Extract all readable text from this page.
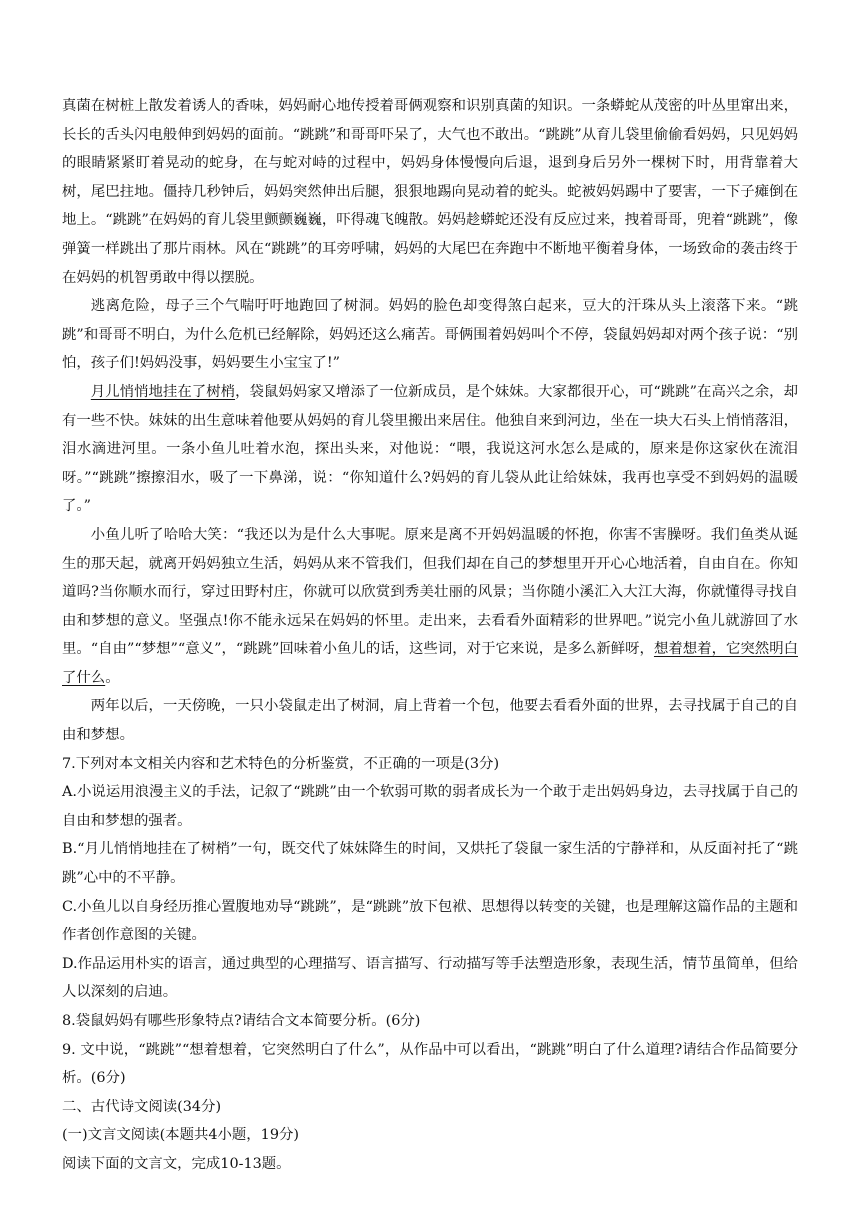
真菌在树桩上散发着诱人的香味，妈妈耐心地传授着哥俩观察和识别真菌的知识。一条蟒蛇从茂密的叶丛里窜出来，长长的舌头闪电般伸到妈妈的面前。“跳跳”和哥哥吓呆了，大气也不敢出。“跳跳”从育儿袋里偷偷看妈妈，只见妈妈的眼睛紧紧盯着晃动的蛇身，在与蛇对峙的过程中，妈妈身体慢慢向后退，退到身后另外一棵树下时，用背靠着大树，尾巴拄地。僵持几秒钟后，妈妈突然伸出后腿，狠狠地踢向晃动着的蛇头。蛇被妈妈踢中了要害，一下子瘫倒在地上。“跳跳”在妈妈的育儿袋里颤颤巍巍，吓得魂飞魄散。妈妈趁蟒蛇还没有反应过来，拽着哥哥，兜着“跳跳”，像弹簧一样跳出了那片雨林。风在“跳跳”的耳旁呼啸，妈妈的大尾巴在奔跑中不断地平衡着身体，一场致命的袭击终于在妈妈的机智勇敢中得以摆脱。

逃离危险，母子三个气喘吁吁地跑回了树洞。妈妈的脸色却变得煞白起来，豆大的汗珠从头上滚落下来。“跳跳”和哥哥不明白，为什么危机已经解除，妈妈还这么痛苦。哥俩围着妈妈叫个不停，袋鼠妈妈却对两个孩子说：“别怕，孩子们!妈妈没事，妈妈要生小宝宝了!”

月儿悄悄地挂在了树梢，袋鼠妈妈家又增添了一位新成员，是个妹妹。大家都很开心，可“跳跳”在高兴之余，却有一些不快。妹妹的出生意味着他要从妈妈的育儿袋里搬出来居住。他独自来到河边，坐在一块大石头上悄悄落泪，泪水滴进河里。一条小鱼儿吐着水泡，探出头来，对他说：“喂，我说这河水怎么是咸的，原来是你这家伙在流泪呀。”“跳跳”擦擦泪水，吸了一下鼻涕，说：“你知道什么?妈妈的育儿袋从此让给妹妹，我再也享受不到妈妈的温暖了。”

小鱼儿听了哈哈大笑：“我还以为是什么大事呢。原来是离不开妈妈温暖的怀抱，你害不害臊呀。我们鱼类从诞生的那天起，就离开妈妈独立生活，妈妈从来不管我们，但我们却在自己的梦想里开开心心地活着，自由自在。你知道吗?当你顺水而行，穿过田野村庄，你就可以欣赏到秀美壮丽的风景；当你随小溪汇入大江大海，你就懂得寻找自由和梦想的意义。坚强点!你不能永远呆在妈妈的怀里。走出来，去看看外面精彩的世界吧。”说完小鱼儿就游回了水里。“自由”“梦想”“意义”，“跳跳”回味着小鱼儿的话，这些词，对于它来说，是多么新鲜呀，想着想着，它突然明白了什么。

两年以后，一天傍晚，一只小袋鼠走出了树洞，肩上背着一个包，他要去看看外面的世界，去寻找属于自己的自由和梦想。

7.下列对本文相关内容和艺术特色的分析鉴赏，不正确的一项是(3分)

A.小说运用浪漫主义的手法，记叙了“跳跳”由一个软弱可欺的弱者成长为一个敢于走出妈妈身边，去寻找属于自己的自由和梦想的强者。

B.“月儿悄悄地挂在了树梢”一句，既交代了妹妹降生的时间，又烘托了袋鼠一家生活的宁静祥和，从反面衬托了“跳跳”心中的不平静。

C.小鱼儿以自身经历推心置腹地劝导“跳跳”，是“跳跳”放下包袱、思想得以转变的关键，也是理解这篇作品的主题和作者创作意图的关键。

D.作品运用朴实的语言，通过典型的心理描写、语言描写、行动描写等手法塑造形象，表现生活，情节虽简单，但给人以深刻的启迪。

8.袋鼠妈妈有哪些形象特点?请结合文本简要分析。(6分)

9. 文中说，“跳跳”“想着想着，它突然明白了什么”，从作品中可以看出，“跳跳”明白了什么道理?请结合作品简要分析。(6分)

二、古代诗文阅读(34分)

(一)文言文阅读(本题共4小题，19分)

阅读下面的文言文，完成10-13题。
